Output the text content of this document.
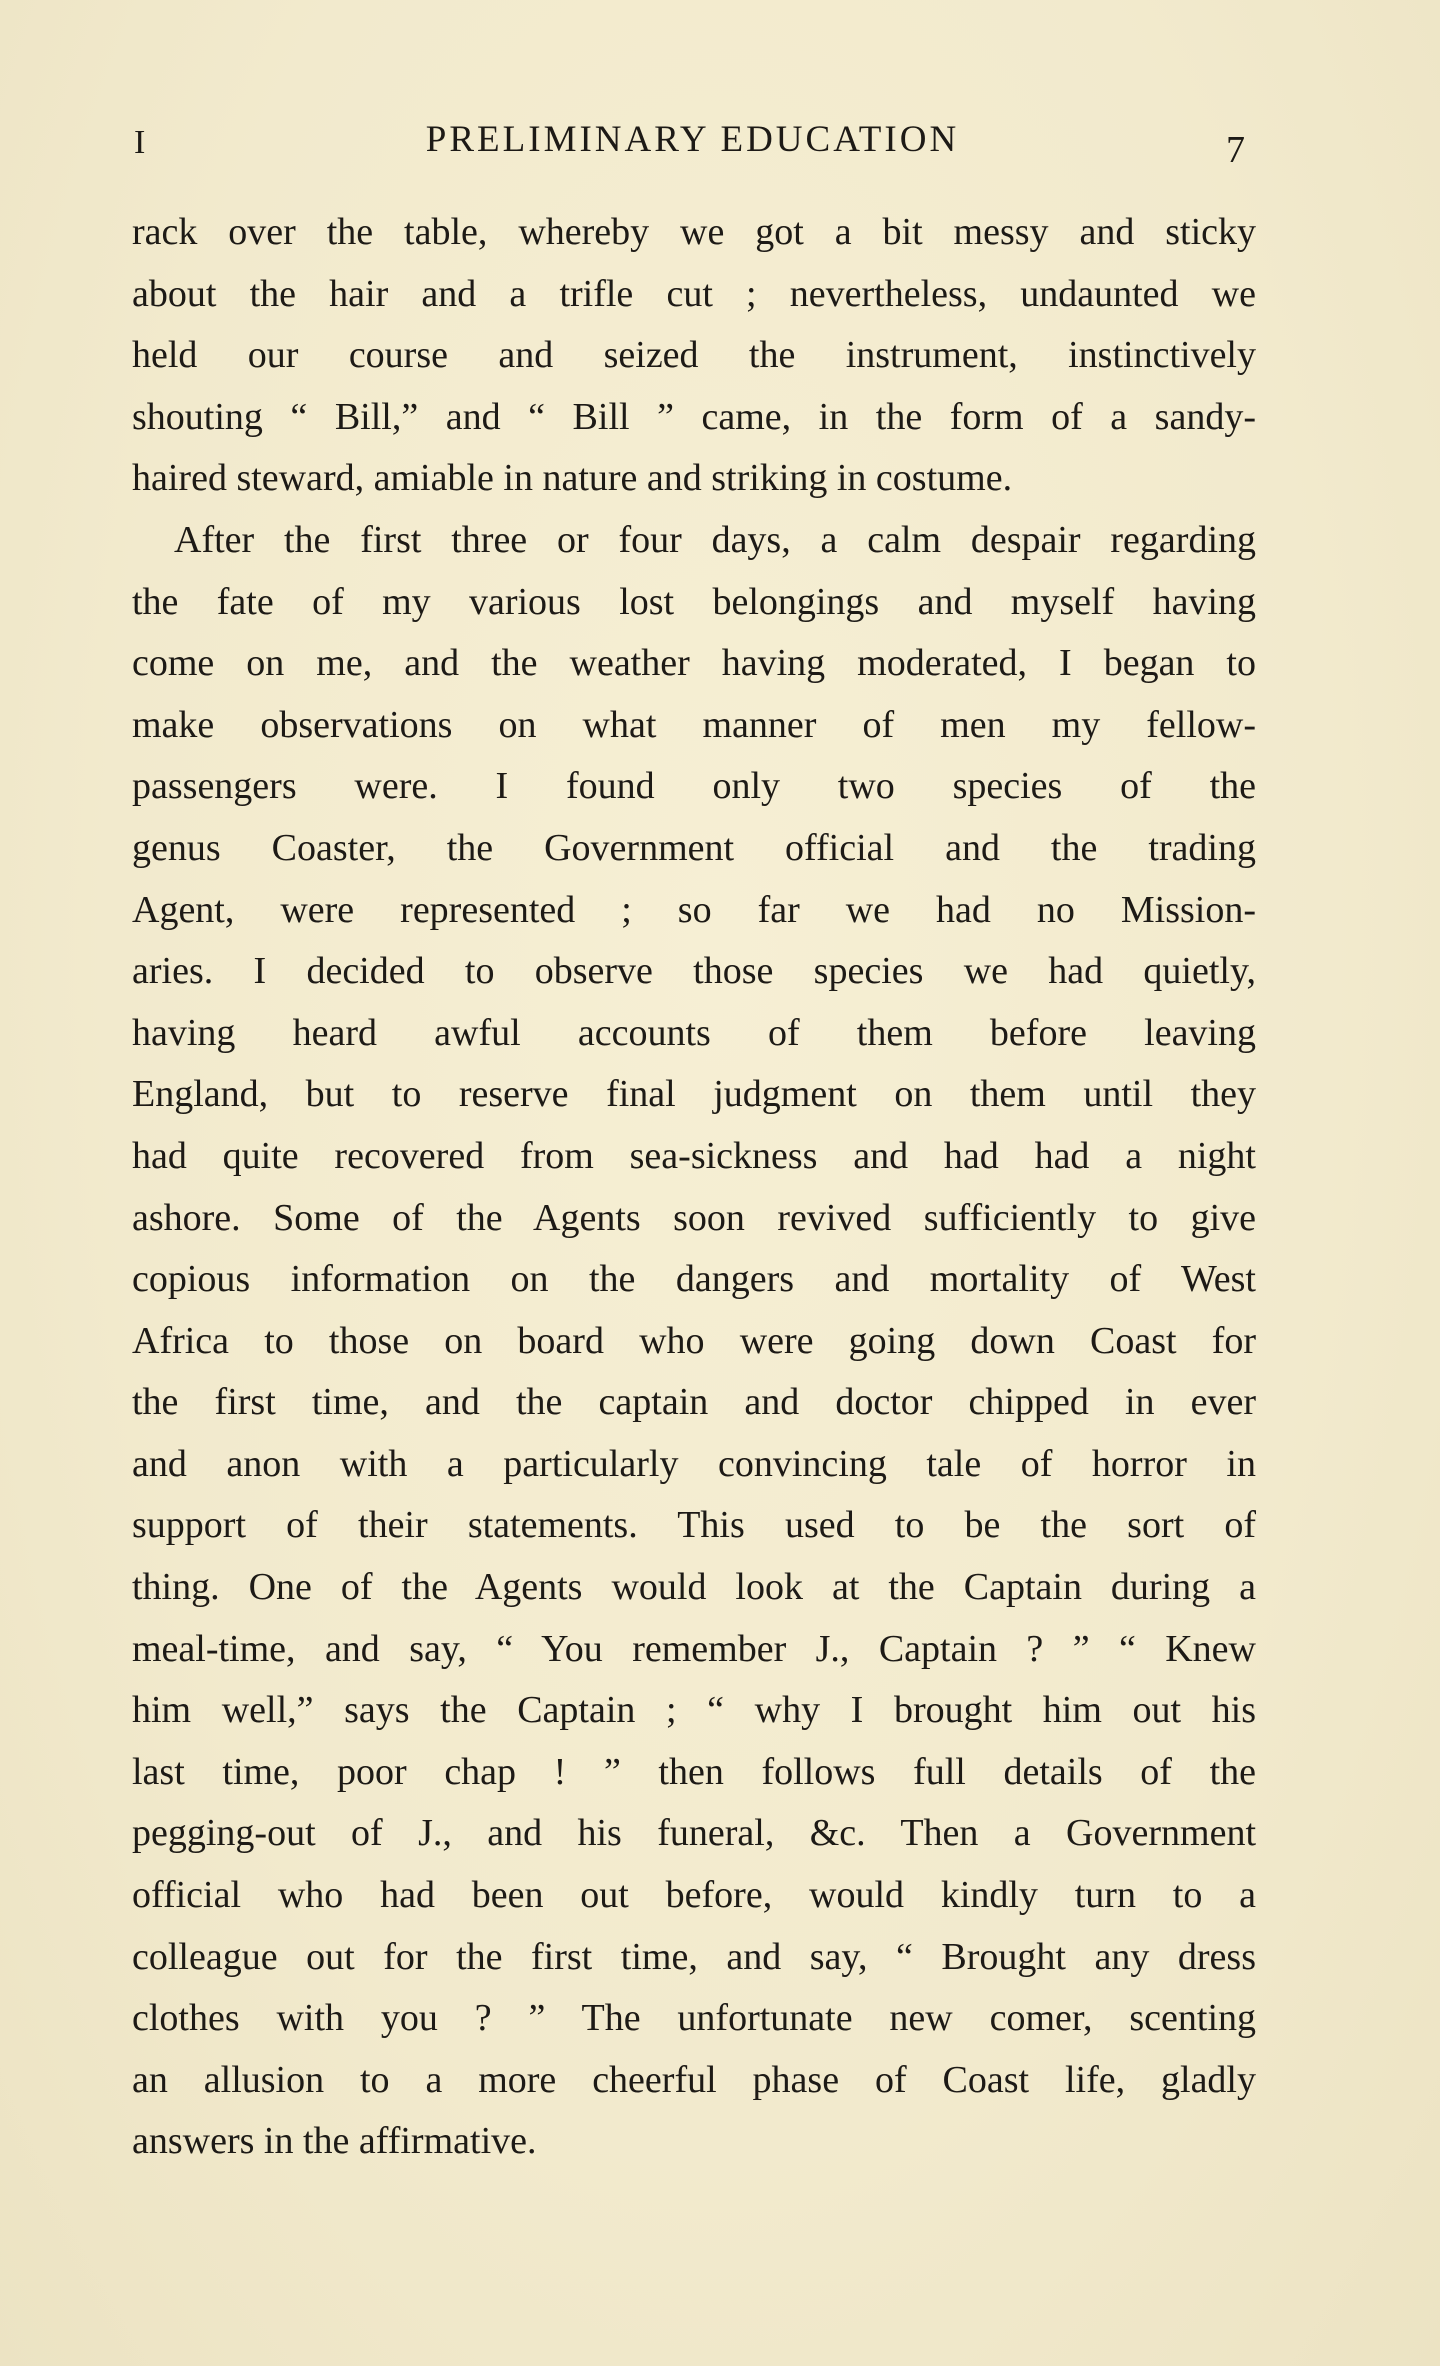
I	PRELIMINARY EDUCATION	7
rack over the table, whereby we got a bit messy and sticky
about the hair and a trifle cut ; nevertheless, undaunted we
held our course and seized the instrument, instinctively
shouting “ Bill,” and “ Bill ” came, in the form of a sandy-
haired steward, amiable in nature and striking in costume.
After the first three or four days, a calm despair regarding
the fate of my various lost belongings and myself having
come on me, and the weather having moderated, I began to
make observations on what manner of men my fellow-
passengers were. I found only two species of the
genus Coaster, the Government official and the trading
Agent, were represented ; so far we had no Mission-
aries. I decided to observe those species we had quietly,
having heard awful accounts of them before leaving
England, but to reserve final judgment on them until they
had quite recovered from sea-sickness and had had a night
ashore. Some of the Agents soon revived sufficiently to give
copious information on the dangers and mortality of West
Africa to those on board who were going down Coast for
the first time, and the captain and doctor chipped in ever
and anon with a particularly convincing tale of horror in
support of their statements. This used to be the sort of
thing. One of the Agents would look at the Captain during a
meal-time, and say, “ You remember J., Captain ? ” “ Knew
him well,” says the Captain ; “ why I brought him out his
last time, poor chap ! ” then follows full details of the
pegging-out of J., and his funeral, &c. Then a Government
official who had been out before, would kindly turn to a
colleague out for the first time, and say, “ Brought any dress
clothes with you ? ” The unfortunate new comer, scenting
an allusion to a more cheerful phase of Coast life, gladly
answers in the affirmative.
